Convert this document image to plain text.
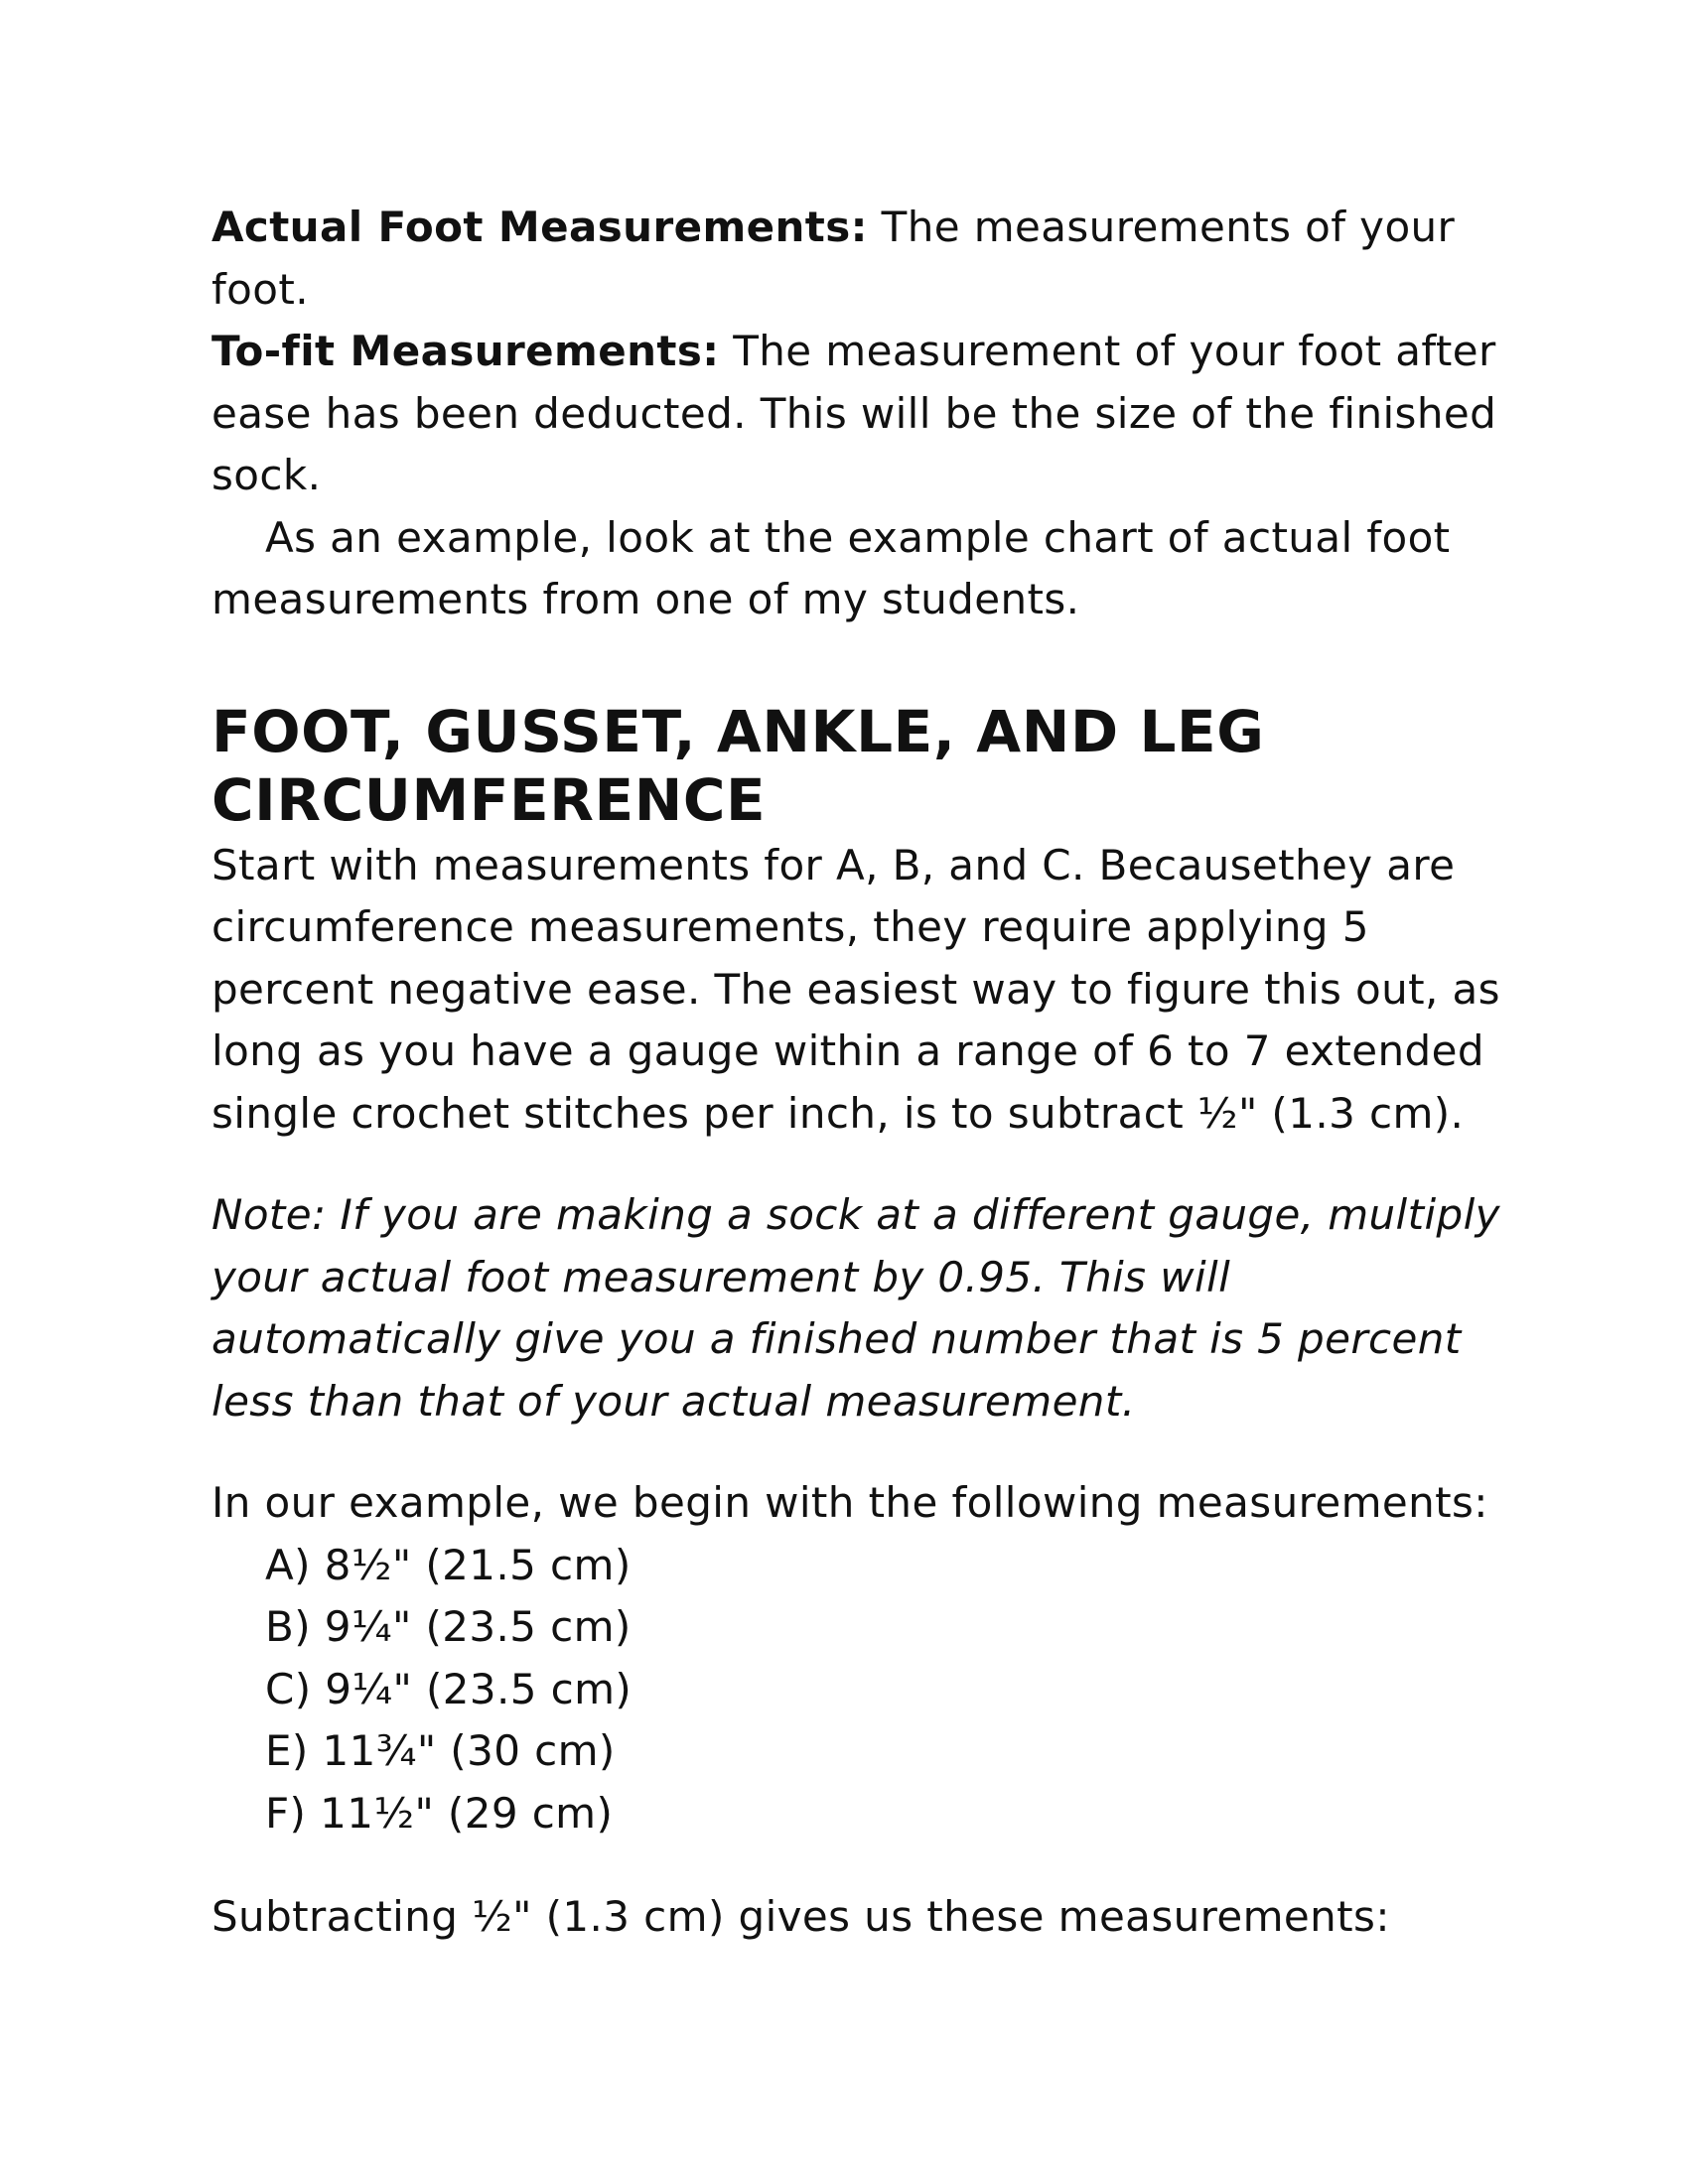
Actual Foot Measurements: The measurements of your foot.

To-fit Measurements: The measurement of your foot after ease has been deducted. This will be the size of the finished sock.

As an example, look at the example chart of actual foot measurements from one of my students.

FOOT, GUSSET, ANKLE, AND LEG
CIRCUMFERENCE

Start with measurements for A, B, and C. Becausethey are circumference measurements, they require applying 5 percent negative ease. The easiest way to figure this out, as long as you have a gauge within a range of 6 to 7 extended single crochet stitches per inch, is to subtract ½" (1.3 cm).

Note: If you are making a sock at a different gauge, multiply your actual foot measurement by 0.95. This will automatically give you a finished number that is 5 percent less than that of your actual measurement.

In our example, we begin with the following measurements:

A) 8½" (21.5 cm)
B) 9¼" (23.5 cm)
C) 9¼" (23.5 cm)
E) 11¾" (30 cm)
F) 11½" (29 cm)

Subtracting ½" (1.3 cm) gives us these measurements:
